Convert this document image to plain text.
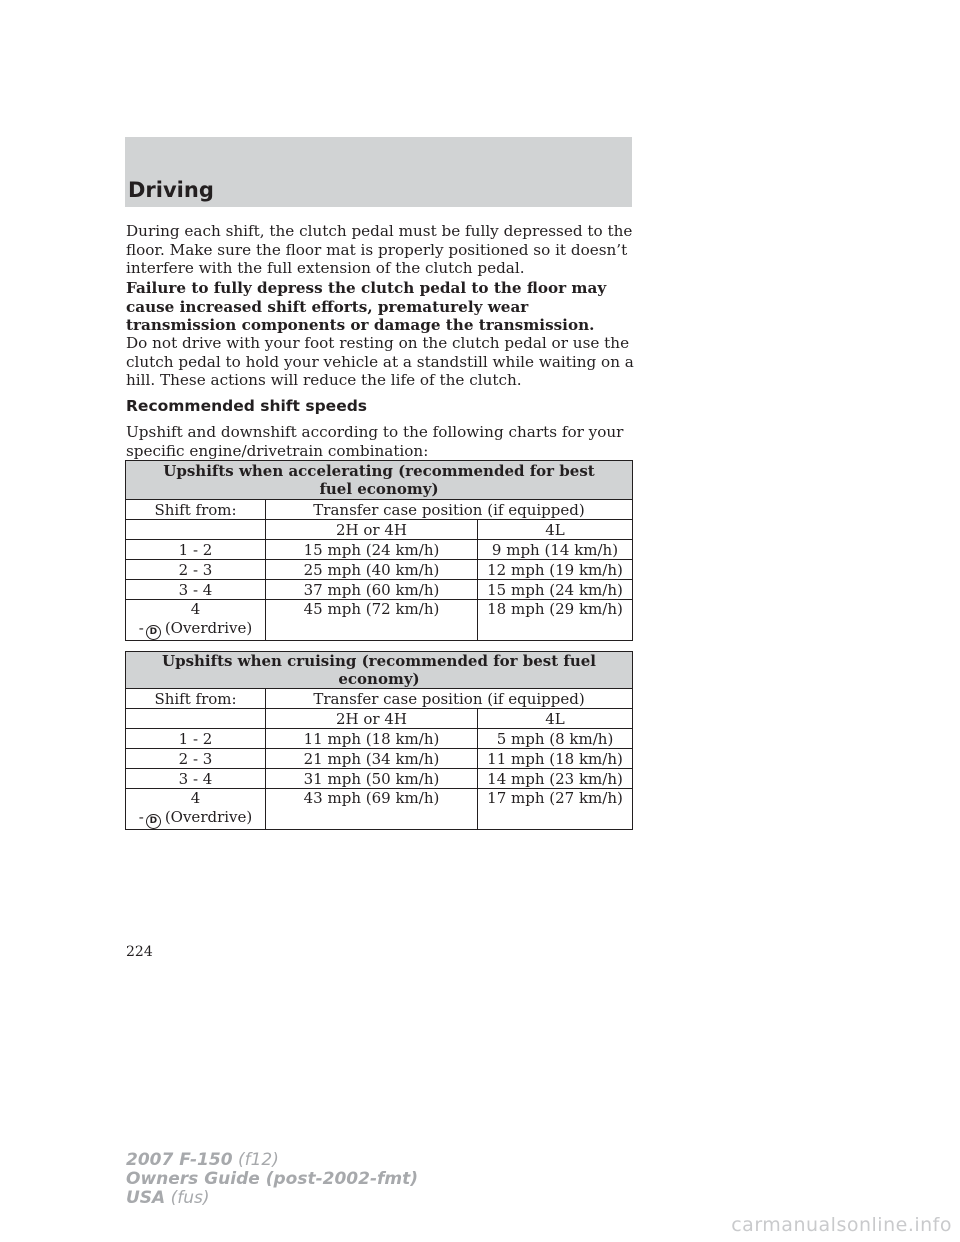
Driving

During each shift, the clutch pedal must be fully depressed to the floor. Make sure the floor mat is properly positioned so it doesn’t interfere with the full extension of the clutch pedal.

Failure to fully depress the clutch pedal to the floor may cause increased shift efforts, prematurely wear transmission components or damage the transmission.

Do not drive with your foot resting on the clutch pedal or use the clutch pedal to hold your vehicle at a standstill while waiting on a hill. These actions will reduce the life of the clutch.

Recommended shift speeds

Upshift and downshift according to the following charts for your specific engine/drivetrain combination:

Upshifts when accelerating (recommended for best fuel economy)		
Shift from:	Transfer case position (if equipped)	
	2H or 4H	4L
1 - 2	15 mph (24 km/h)	9 mph (14 km/h)
2 - 3	25 mph (40 km/h)	12 mph (19 km/h)
3 - 4	37 mph (60 km/h)	15 mph (24 km/h)

4
- D (Overdrive)	45 mph (72 km/h)	18 mph (29 km/h)
Upshifts when cruising (recommended for best fuel economy)		
Shift from:	Transfer case position (if equipped)	
	2H or 4H	4L
1 - 2	11 mph (18 km/h)	5 mph (8 km/h)
2 - 3	21 mph (34 km/h)	11 mph (18 km/h)
3 - 4	31 mph (50 km/h)	14 mph (23 km/h)

4
- D (Overdrive)	43 mph (69 km/h)	17 mph (27 km/h)
224
2007 F-150 (f12)
Owners Guide (post-2002-fmt)
USA (fus)
carmanualsonline.info
